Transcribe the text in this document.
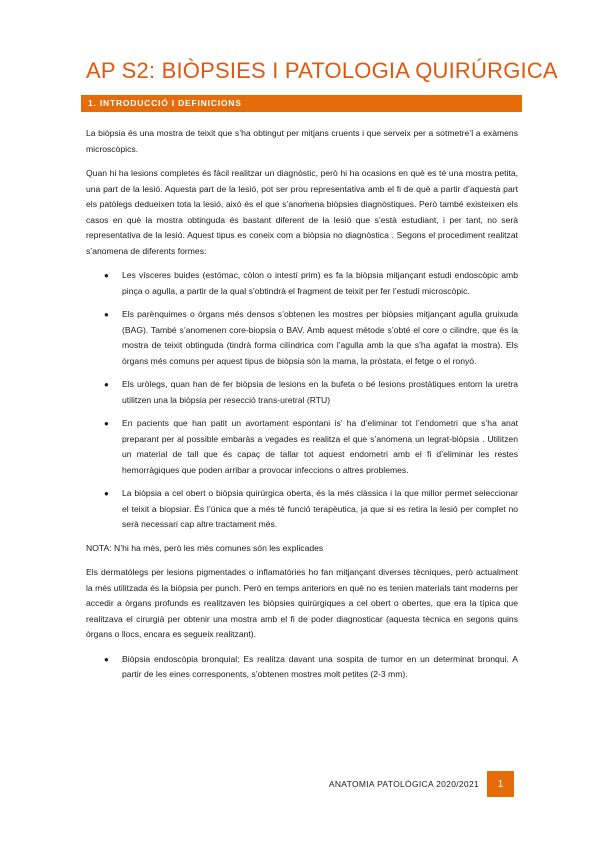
AP S2: BIÒPSIES I PATOLOGIA QUIRÚRGICA
1. INTRODUCCIÓ I DEFINICIONS

La biòpsia és una mostra de teixit que s’ha obtingut per mitjans cruents i que serveix per a sotmetre’l a exàmens microscòpics.

Quan hi ha lesions completes és fàcil realitzar un diagnòstic, però hi ha ocasions en què es té una mostra petita, una part de la lesió. Aquesta part de la lesió, pot ser prou representativa amb el fi de què a partir d’aquesta part els patòlegs dedueixen tota la lesió, això és el que s’anomena biòpsies diagnòstiques. Però també existeixen els casos en què la mostra obtinguda és bastant diferent de la lesió que s’està estudiant, i per tant, no serà representativa de la lesió. Aquest tipus es coneix com a biòpsia no diagnòstica . Segons el procediment realitzat s’anomena de diferents formes:

● Les vísceres buides (estómac, còlon o intestí prim) es fa la biòpsia mitjançant estudi endoscòpic amb pinça o agulla, a partir de la qual s’obtindrà el fragment de teixit per fer l’estudi microscòpic.
● Els parènquimes o òrgans més densos s’obtenen les mostres per biòpsies mitjançant agulla gruixuda (BAG). També s’anomenen core-biopsia o BAV. Amb aquest mètode s’obté el core o cilindre, que és la mostra de teixit obtinguda (tindrà forma cilíndrica com l’agulla amb la que s’ha agafat la mostra). Els òrgans més comuns per aquest tipus de biòpsia són la mama, la pròstata, el fetge o el ronyó.
● Els uròlegs, quan han de fer biòpsia de lesions en la bufeta o bé lesions prostàtiques entorn la uretra utilitzen una la biòpsia per resecció trans-uretral (RTU)
● En pacients que han patit un avortament espontani is’ ha d’eliminar tot l’endometri que s’ha anat preparant per al possible embaràs a vegades es realitza el que s’anomena un legrat-biòpsia . Utilitzen un material de tall que és capaç de tallar tot aquest endometri amb el fi d’eliminar les restes hemorràgiques que poden arribar a provocar infeccions o altres problemes.
● La biòpsia a cel obert o biòpsia quirúrgica oberta, és la més clàssica i la que millor permet seleccionar el teixit a biopsiar. És l’única que a més té funció terapèutica, ja que si es retira la lesió per complet no serà necessari cap altre tractament més.

NOTA: N’hi ha més, però les més comunes són les explicades

Els dermatòlegs per lesions pigmentades o inflamatòries ho fan mitjançant diverses tècniques, però actualment la més utilitzada és la biòpsia per punch. Però en temps anteriors en què no es tenien materials tant moderns per accedir a òrgans profunds es realitzaven les biòpsies quirúrgiques a cel obert o obertes, que era la típica que realitzava el cirurgià per obtenir una mostra amb el fi de poder diagnosticar (aquesta tècnica en segons quins òrgans o llocs, encara es segueix realitzant).

● Biòpsia endoscòpia bronquial: Es realitza davant una sospita de tumor en un determinat bronqui. A partir de les eines corresponents, s’obtenen mostres molt petites (2-3 mm).
ANATOMIA PATOLÒGICA 2020/2021	1
